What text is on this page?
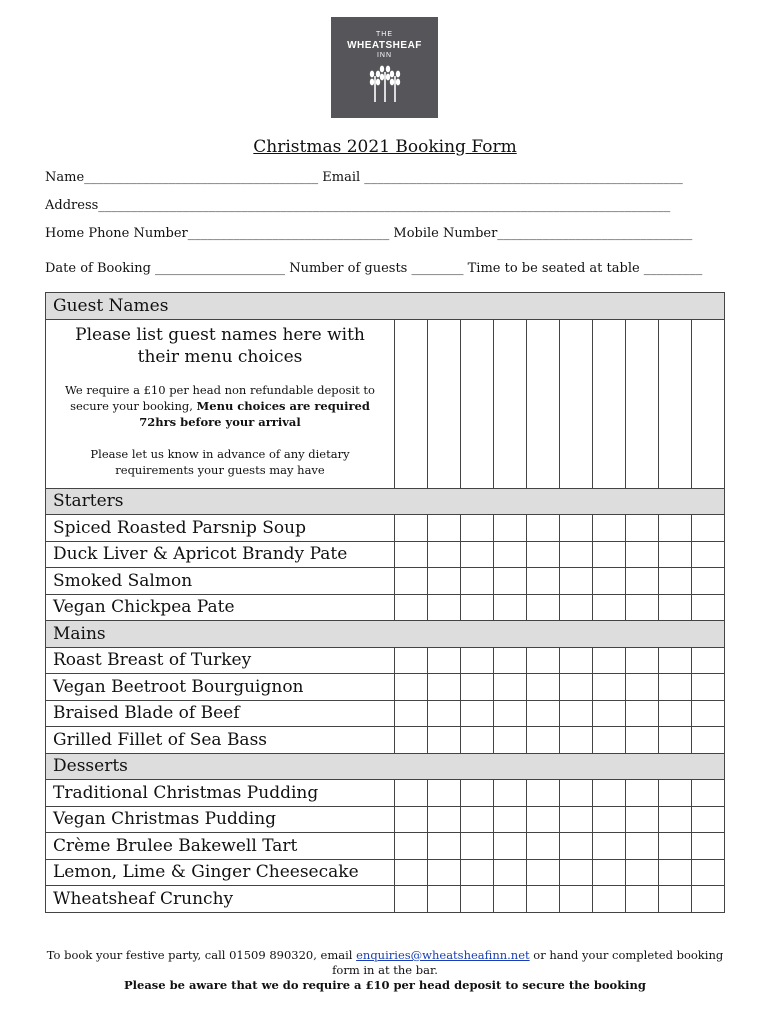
THE
WHEATSHEAF
INN
Christmas 2021 Booking Form
Name____________________________________ Email _________________________________________________
Address________________________________________________________________________________________
Home Phone Number_______________________________ Mobile Number______________________________
Date of Booking ____________________ Number of guests ________ Time to be seated at table _________
Guest Names										

Please list guest names here with their menu choices
We require a £10 per head non refundable deposit to secure your booking, Menu choices are required 72hrs before your arrival
Please let us know in advance of any dietary requirements your guests may have										

Starters										
Spiced Roasted Parsnip Soup										
Duck Liver & Apricot Brandy Pate										
Smoked Salmon										
Vegan Chickpea Pate										
Mains										
Roast Breast of Turkey										
Vegan Beetroot Bourguignon										
Braised Blade of Beef										
Grilled Fillet of Sea Bass										
Desserts										
Traditional Christmas Pudding										
Vegan Christmas Pudding										
Crème Brulee Bakewell Tart										
Lemon, Lime & Ginger Cheesecake										
Wheatsheaf Crunchy										
To book your festive party, call 01509 890320, email enquiries@wheatsheafinn.net or hand your completed booking form in at the bar.
Please be aware that we do require a £10 per head deposit to secure the booking
